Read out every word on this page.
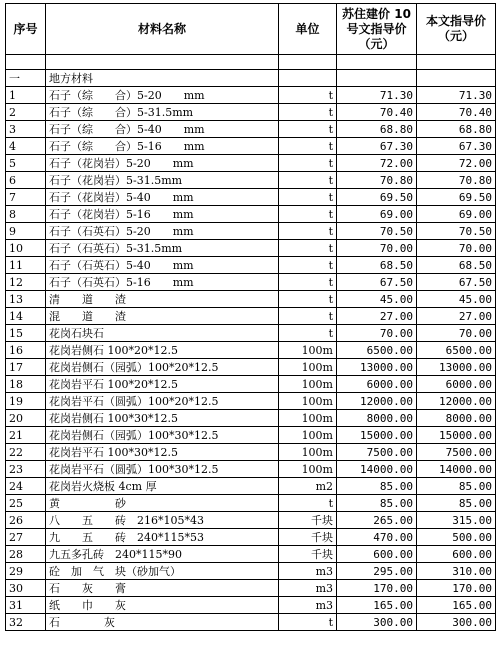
序号	材料名称	单位	苏住建价 10 号文指导价（元）	本文指导价（元）

一	地方材料			
1	石子（综　　合）5-20　　mm	t	71.30	71.30
2	石子（综　　合）5-31.5mm	t	70.40	70.40
3	石子（综　　合）5-40　　mm	t	68.80	68.80
4	石子（综　　合）5-16　　mm	t	67.30	67.30
5	石子（花岗岩）5-20　　mm	t	72.00	72.00
6	石子（花岗岩）5-31.5mm	t	70.80	70.80
7	石子（花岗岩）5-40　　mm	t	69.50	69.50
8	石子（花岗岩）5-16　　mm	t	69.00	69.00
9	石子（石英石）5-20　　mm	t	70.50	70.50
10	石子（石英石）5-31.5mm	t	70.00	70.00
11	石子（石英石）5-40　　mm	t	68.50	68.50
12	石子（石英石）5-16　　mm	t	67.50	67.50
13	清　　道　　渣	t	45.00	45.00
14	混　　道　　渣	t	27.00	27.00
15	花岗石块石	t	70.00	70.00
16	花岗岩侧石 100*20*12.5	100m	6500.00	6500.00
17	花岗岩侧石（园弧）100*20*12.5	100m	13000.00	13000.00
18	花岗岩平石 100*20*12.5	100m	6000.00	6000.00
19	花岗岩平石（圆弧）100*20*12.5	100m	12000.00	12000.00
20	花岗岩侧石 100*30*12.5	100m	8000.00	8000.00
21	花岗岩侧石（园弧）100*30*12.5	100m	15000.00	15000.00
22	花岗岩平石 100*30*12.5	100m	7500.00	7500.00
23	花岗岩平石（圆弧）100*30*12.5	100m	14000.00	14000.00
24	花岗岩火烧板 4cm 厚	m2	85.00	85.00
25	黄　　　　　砂	t	85.00	85.00
26	八　　五　　砖　216*105*43	千块	265.00	315.00
27	九　　五　　砖　240*115*53	千块	470.00	500.00
28	九五多孔砖　240*115*90	千块	600.00	600.00
29	砼　加　气　块（砂加气）	m3	295.00	310.00
30	石　　灰　　膏	m3	170.00	170.00
31	纸　　巾　　灰	m3	165.00	165.00
32	石　　　　灰	t	300.00	300.00
